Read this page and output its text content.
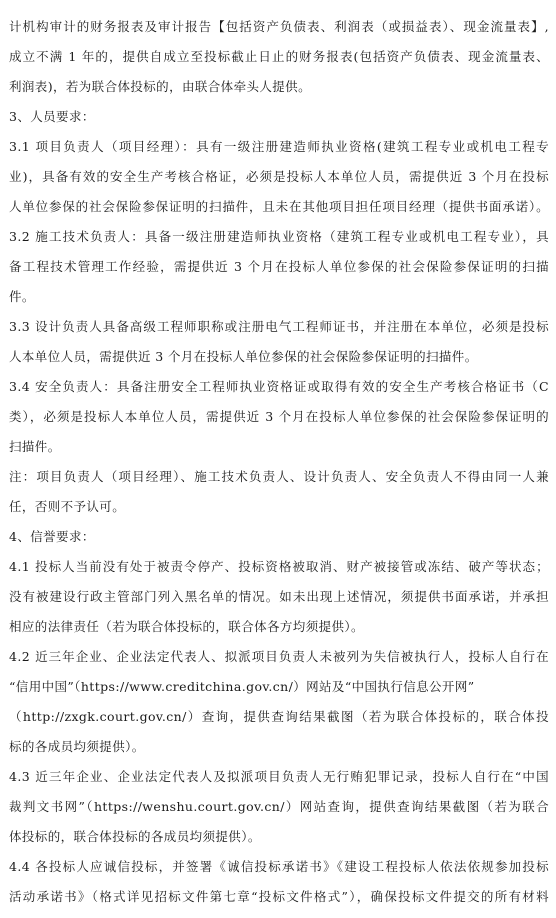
计机构审计的财务报表及审计报告【包括资产负债表、利润表（或损益表）、现金流量表】,
成立不满 1 年的，提供自成立至投标截止日止的财务报表(包括资产负债表、现金流量表、
利润表)，若为联合体投标的，由联合体牵头人提供。
3、人员要求：
3.1 项目负责人（项目经理）：具有一级注册建造师执业资格(建筑工程专业或机电工程专
业)，具备有效的安全生产考核合格证，必须是投标人本单位人员，需提供近 3 个月在投标
人单位参保的社会保险参保证明的扫描件，且未在其他项目担任项目经理（提供书面承诺）。
3.2 施工技术负责人：具备一级注册建造师执业资格（建筑工程专业或机电工程专业），具
备工程技术管理工作经验，需提供近 3 个月在投标人单位参保的社会保险参保证明的扫描
件。
3.3 设计负责人具备高级工程师职称或注册电气工程师证书，并注册在本单位，必须是投标
人本单位人员，需提供近 3 个月在投标人单位参保的社会保险参保证明的扫描件。
3.4 安全负责人：具备注册安全工程师执业资格证或取得有效的安全生产考核合格证书（C
类），必须是投标人本单位人员，需提供近 3 个月在投标人单位参保的社会保险参保证明的
扫描件。
注：项目负责人（项目经理）、施工技术负责人、设计负责人、安全负责人不得由同一人兼
任，否则不予认可。
4、信誉要求：
4.1 投标人当前没有处于被责令停产、投标资格被取消、财产被接管或冻结、破产等状态；
没有被建设行政主管部门列入黑名单的情况。如未出现上述情况，须提供书面承诺，并承担
相应的法律责任（若为联合体投标的，联合体各方均须提供）。
4.2 近三年企业、企业法定代表人、拟派项目负责人未被列为失信被执行人，投标人自行在
“信用中国”（https://www.creditchina.gov.cn/）网站及“中国执行信息公开网”
（http://zxgk.court.gov.cn/）查询，提供查询结果截图（若为联合体投标的，联合体投
标的各成员均须提供）。
4.3 近三年企业、企业法定代表人及拟派项目负责人无行贿犯罪记录，投标人自行在“中国
裁判文书网”（https://wenshu.court.gov.cn/）网站查询，提供查询结果截图（若为联合
体投标的，联合体投标的各成员均须提供）。
4.4 各投标人应诚信投标，并签署《诚信投标承诺书》《建设工程投标人依法依规参加投标
活动承诺书》（格式详见招标文件第七章“投标文件格式”），确保投标文件提交的所有材料
